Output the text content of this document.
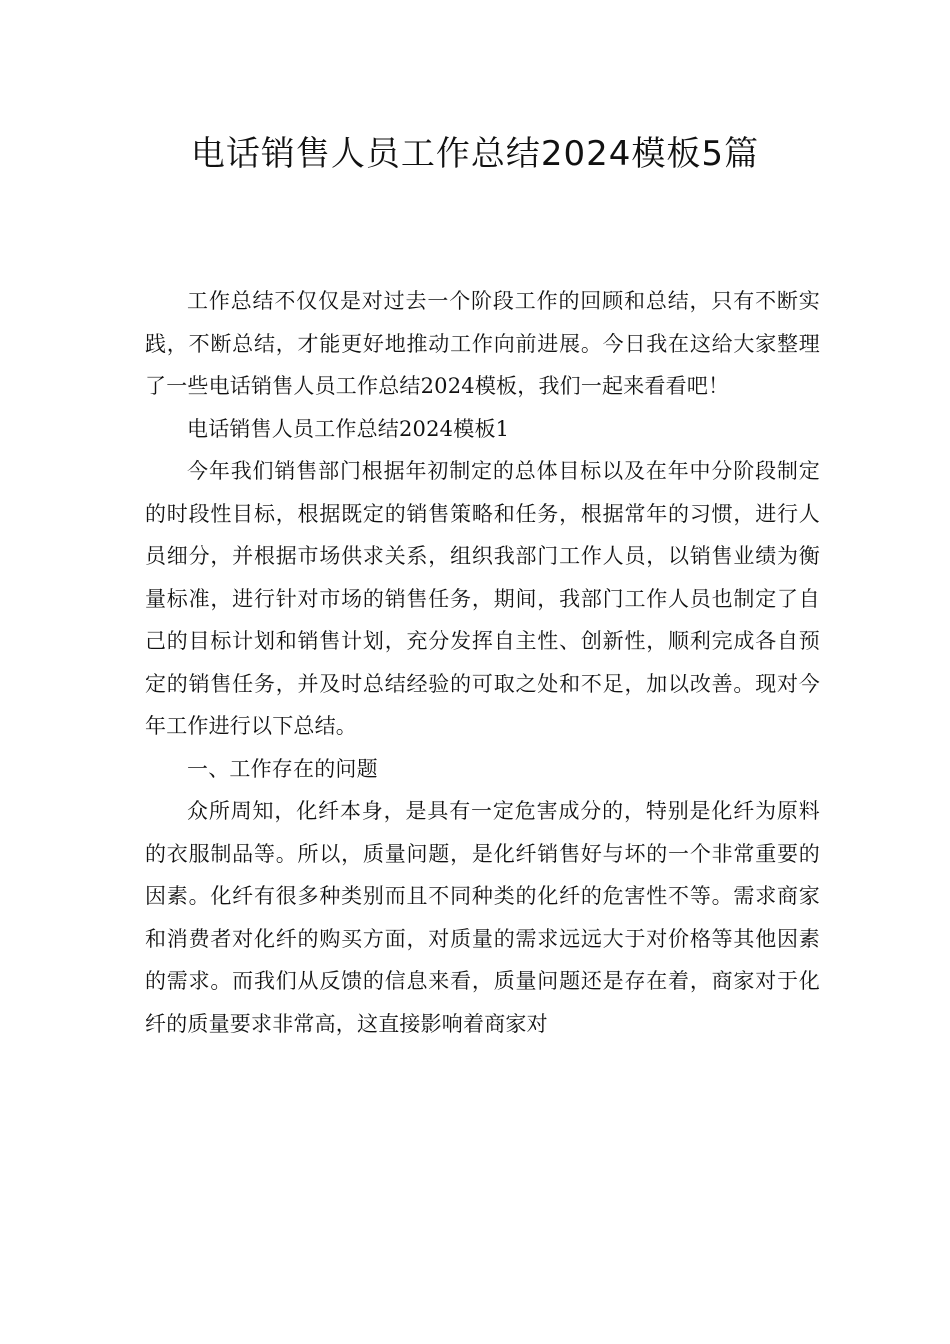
电话销售人员工作总结2024模板5篇

工作总结不仅仅是对过去一个阶段工作的回顾和总结，只有不断实践，不断总结，才能更好地推动工作向前进展。今日我在这给大家整理了一些电话销售人员工作总结2024模板，我们一起来看看吧！

电话销售人员工作总结2024模板1

今年我们销售部门根据年初制定的总体目标以及在年中分阶段制定的时段性目标，根据既定的销售策略和任务，根据常年的习惯，进行人员细分，并根据市场供求关系，组织我部门工作人员，以销售业绩为衡量标准，进行针对市场的销售任务，期间，我部门工作人员也制定了自己的目标计划和销售计划，充分发挥自主性、创新性，顺利完成各自预定的销售任务，并及时总结经验的可取之处和不足，加以改善。现对今年工作进行以下总结。

一、工作存在的问题

众所周知，化纤本身，是具有一定危害成分的，特别是化纤为原料的衣服制品等。所以，质量问题，是化纤销售好与坏的一个非常重要的因素。化纤有很多种类别而且不同种类的化纤的危害性不等。需求商家和消费者对化纤的购买方面，对质量的需求远远大于对价格等其他因素的需求。而我们从反馈的信息来看，质量问题还是存在着，商家对于化纤的质量要求非常高，这直接影响着商家对
